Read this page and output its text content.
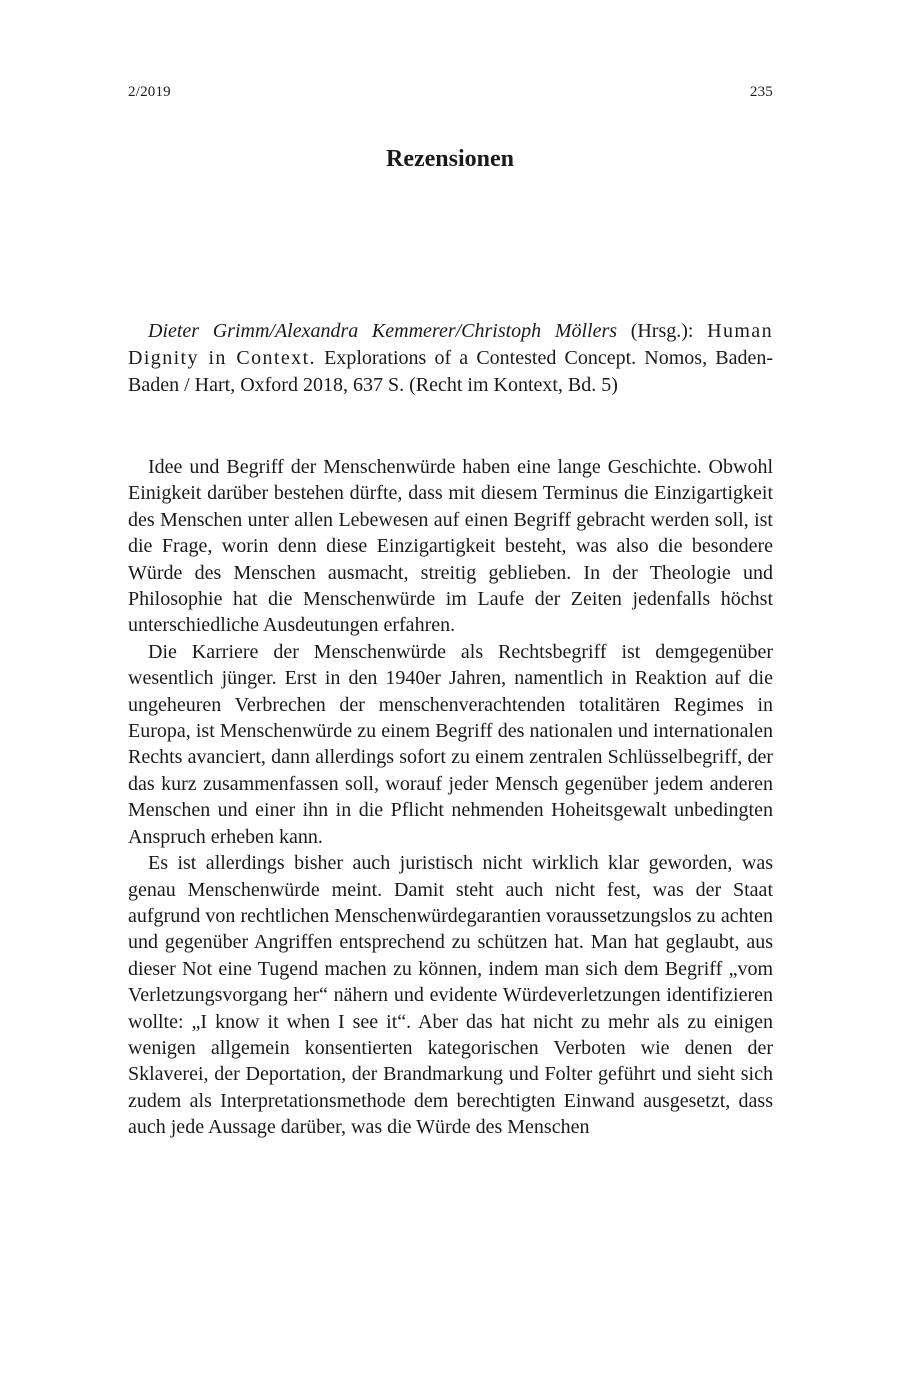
2/2019	235
Rezensionen
Dieter Grimm/Alexandra Kemmerer/Christoph Möllers (Hrsg.): Human Dignity in Context. Explorations of a Contested Concept. Nomos, Baden-Baden / Hart, Oxford 2018, 637 S. (Recht im Kontext, Bd. 5)

Idee und Begriff der Menschenwürde haben eine lange Geschichte. Obwohl Einigkeit darüber bestehen dürfte, dass mit diesem Terminus die Einzigartigkeit des Menschen unter allen Lebewesen auf einen Begriff gebracht werden soll, ist die Frage, worin denn diese Einzigartigkeit besteht, was also die besondere Würde des Menschen ausmacht, streitig geblieben. In der Theologie und Philosophie hat die Menschenwürde im Laufe der Zeiten jedenfalls höchst unterschiedliche Ausdeutungen erfahren.

Die Karriere der Menschenwürde als Rechtsbegriff ist demgegenüber wesentlich jünger. Erst in den 1940er Jahren, namentlich in Reaktion auf die ungeheuren Verbrechen der menschenverachtenden totalitären Regimes in Europa, ist Menschenwürde zu einem Begriff des nationalen und internationalen Rechts avanciert, dann allerdings sofort zu einem zentralen Schlüsselbegriff, der das kurz zusammenfassen soll, worauf jeder Mensch gegenüber jedem anderen Menschen und einer ihn in die Pflicht nehmenden Hoheitsgewalt unbedingten Anspruch erheben kann.

Es ist allerdings bisher auch juristisch nicht wirklich klar geworden, was genau Menschenwürde meint. Damit steht auch nicht fest, was der Staat aufgrund von rechtlichen Menschenwürdegarantien voraussetzungslos zu achten und gegenüber Angriffen entsprechend zu schützen hat. Man hat geglaubt, aus dieser Not eine Tugend machen zu können, indem man sich dem Begriff „vom Verletzungsvorgang her“ nähern und evidente Würdeverletzungen identifizieren wollte: „I know it when I see it“. Aber das hat nicht zu mehr als zu einigen wenigen allgemein konsentierten kategorischen Verboten wie denen der Sklaverei, der Deportation, der Brandmarkung und Folter geführt und sieht sich zudem als Interpretationsmethode dem berechtigten Einwand ausgesetzt, dass auch jede Aussage darüber, was die Würde des Menschen
